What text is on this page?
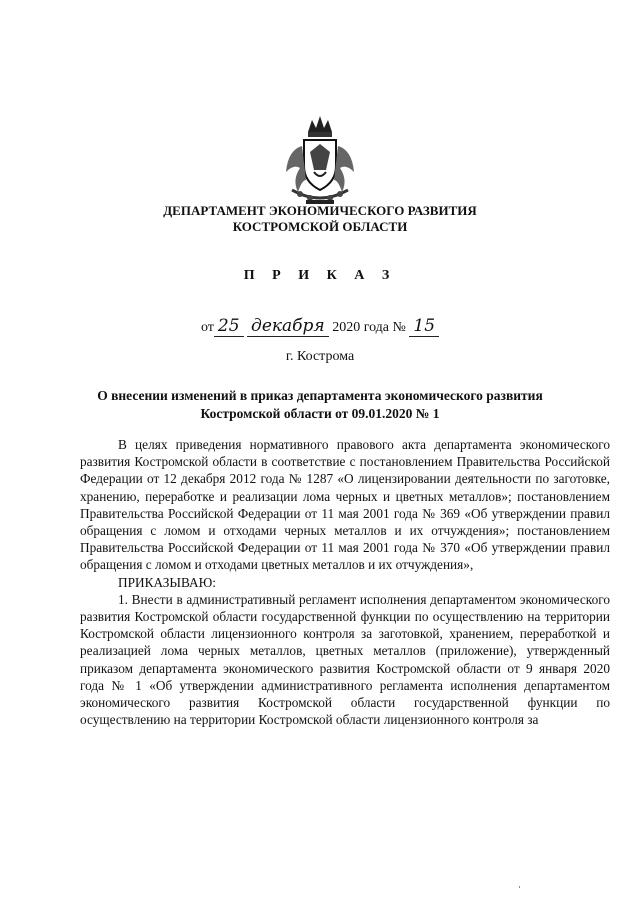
ДЕПАРТАМЕНТ ЭКОНОМИЧЕСКОГО РАЗВИТИЯ
КОСТРОМСКОЙ ОБЛАСТИ
П Р И К А З
от 25 декабря 2020 года № 15
г. Кострома
О внесении изменений в приказ департамента экономического развития
Костромской области от 09.01.2020 № 1

В целях приведения нормативного правового акта департамента экономического развития Костромской области в соответствие с постановлением Правительства Российской Федерации от 12 декабря 2012 года № 1287 «О лицензировании деятельности по заготовке, хранению, переработке и реализации лома черных и цветных металлов»; постановлением Правительства Российской Федерации от 11 мая 2001 года № 369 «Об утверждении правил обращения с ломом и отходами черных металлов и их отчуждения»; постановлением Правительства Российской Федерации от 11 мая 2001 года № 370 «Об утверждении правил обращения с ломом и отходами цветных металлов и их отчуждения»,

ПРИКАЗЫВАЮ:

1. Внести в административный регламент исполнения департаментом экономического развития Костромской области государственной функции по осуществлению на территории Костромской области лицензионного контроля за заготовкой, хранением, переработкой и реализацией лома черных металлов, цветных металлов (приложение), утвержденный приказом департамента экономического развития Костромской области от 9 января 2020 года № 1 «Об утверждении административного регламента исполнения департаментом экономического развития Костромской области государственной функции по осуществлению на территории Костромской области лицензионного контроля за
